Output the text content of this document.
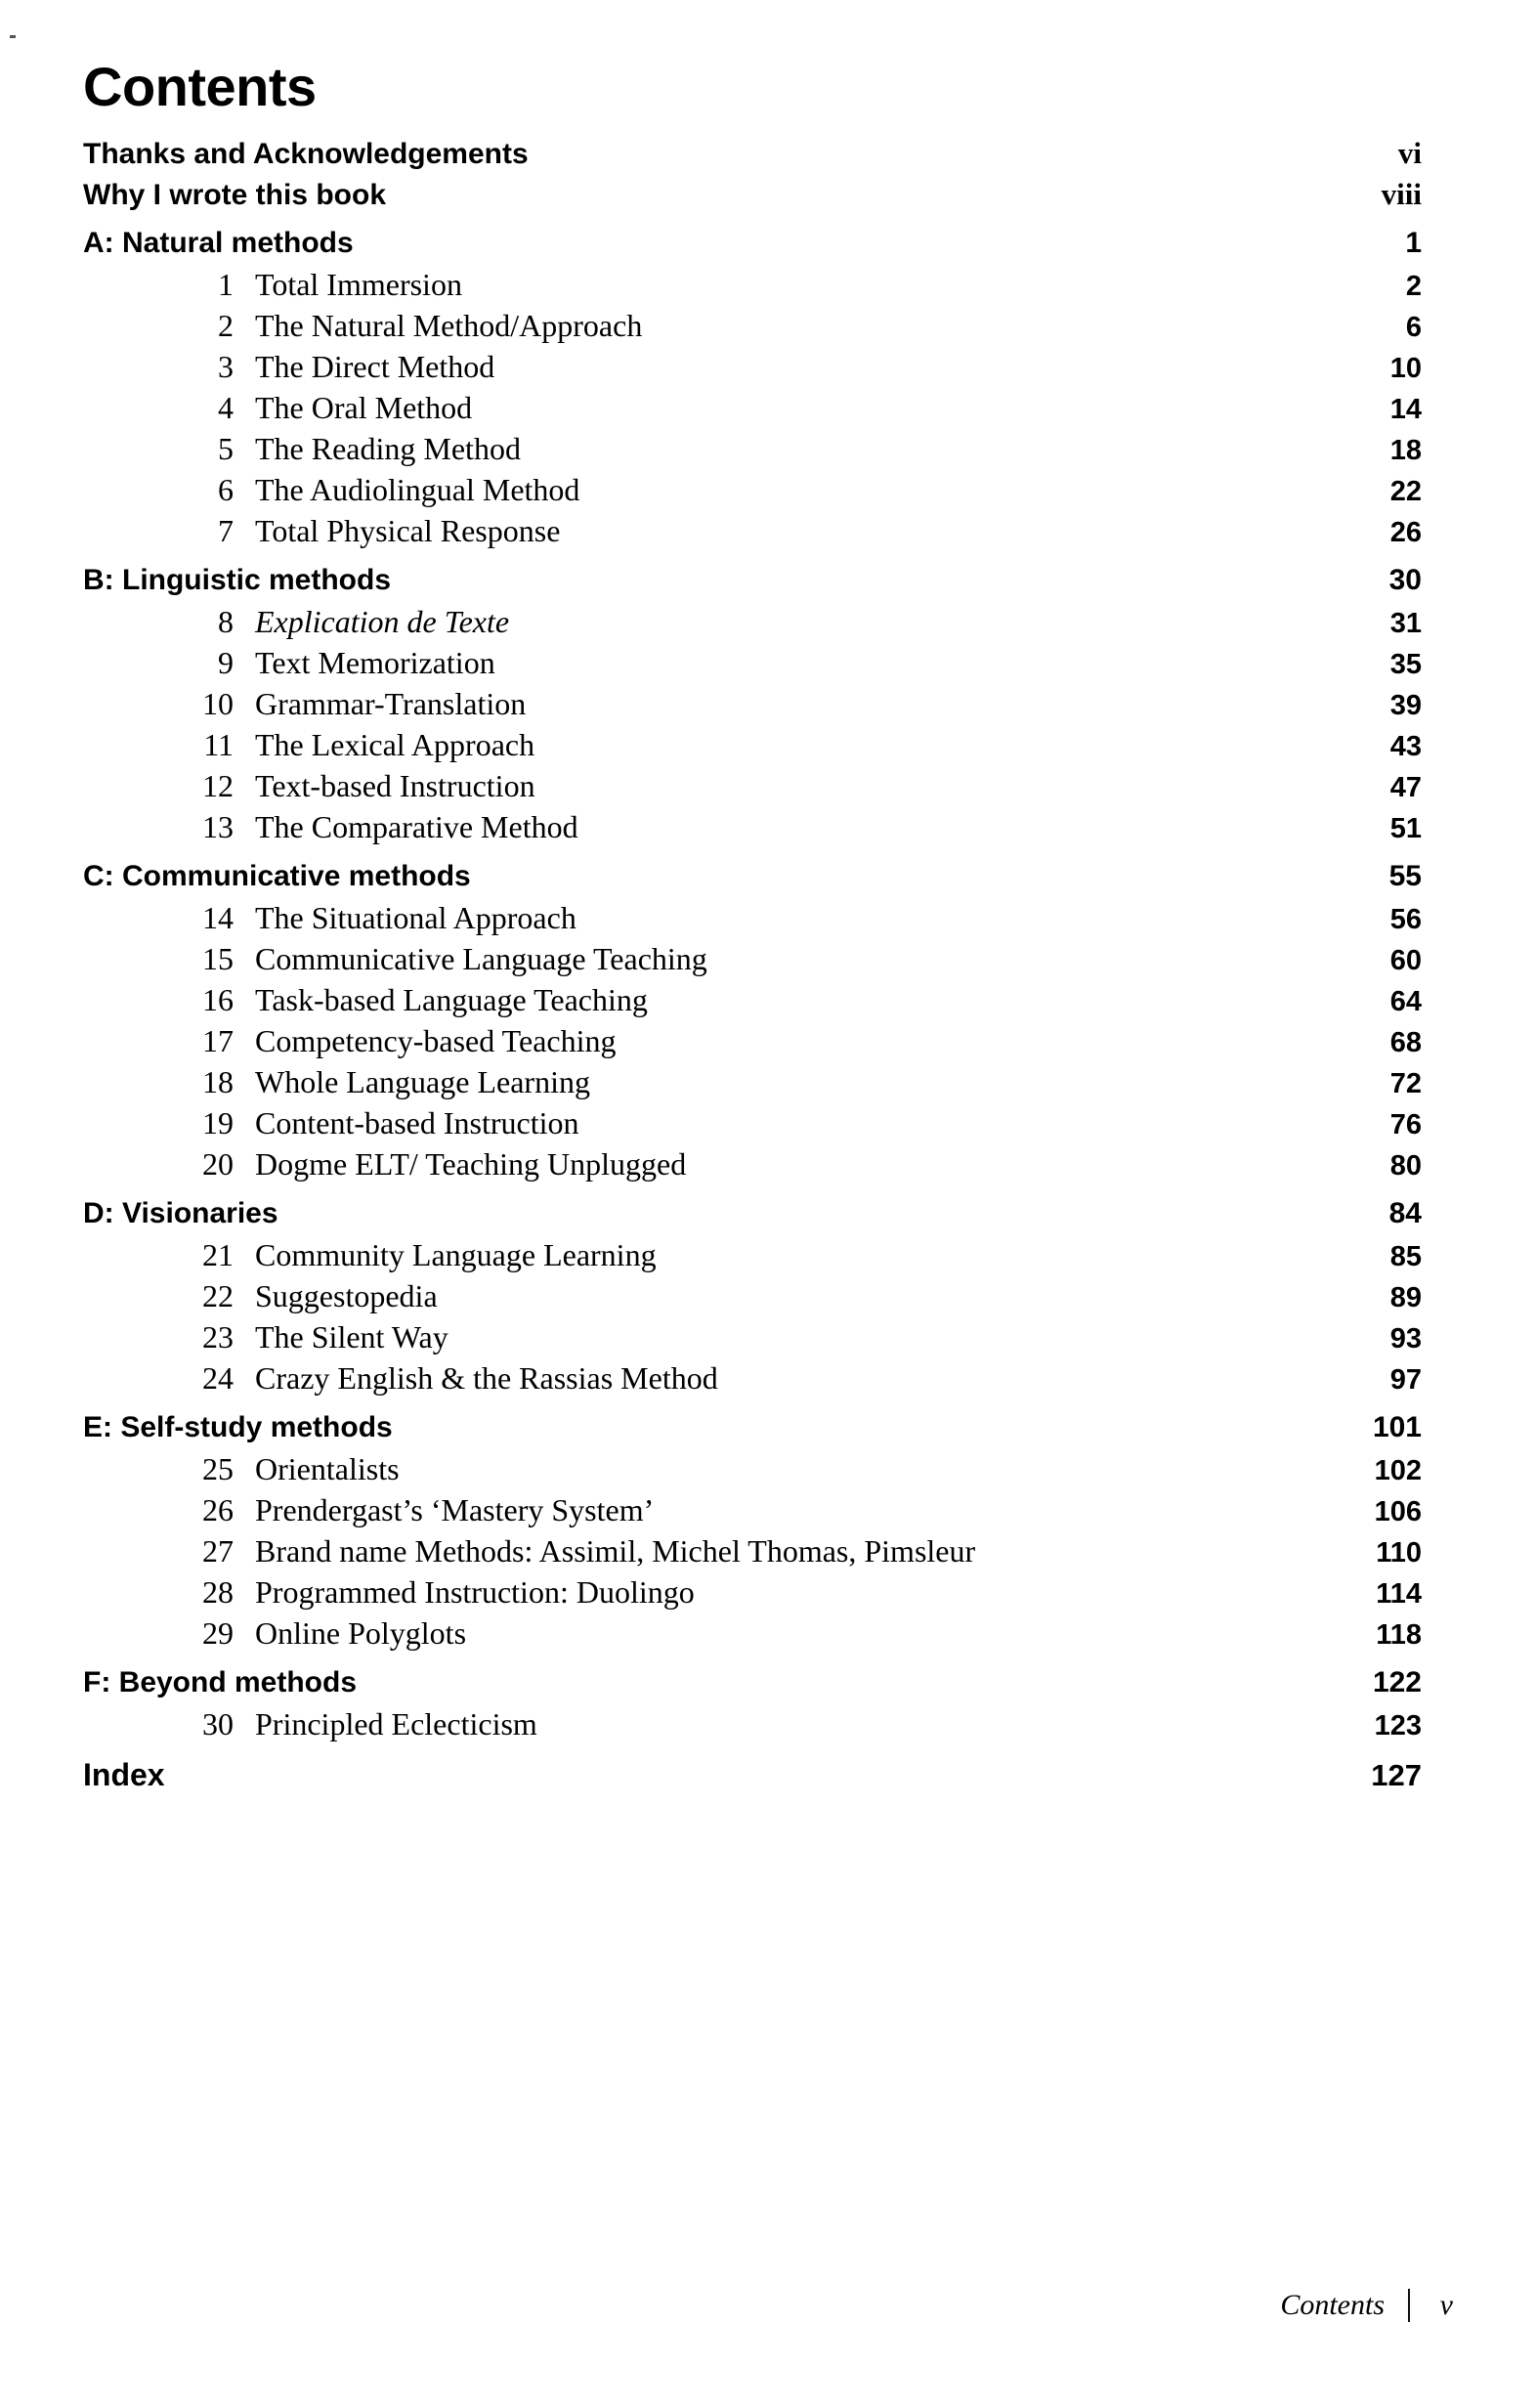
Contents
Thanks and Acknowledgements	vi
Why I wrote this book	viii
A: Natural methods	1
1 Total Immersion	2
2 The Natural Method/Approach	6
3 The Direct Method	10
4 The Oral Method	14
5 The Reading Method	18
6 The Audiolingual Method	22
7 Total Physical Response	26
B: Linguistic methods	30
8 Explication de Texte	31
9 Text Memorization	35
10 Grammar-Translation	39
11 The Lexical Approach	43
12 Text-based Instruction	47
13 The Comparative Method	51
C: Communicative methods	55
14 The Situational Approach	56
15 Communicative Language Teaching	60
16 Task-based Language Teaching	64
17 Competency-based Teaching	68
18 Whole Language Learning	72
19 Content-based Instruction	76
20 Dogme ELT/ Teaching Unplugged	80
D: Visionaries	84
21 Community Language Learning	85
22 Suggestopedia	89
23 The Silent Way	93
24 Crazy English & the Rassias Method	97
E: Self-study methods	101
25 Orientalists	102
26 Prendergast’s ‘Mastery System’	106
27 Brand name Methods: Assimil, Michel Thomas, Pimsleur	110
28 Programmed Instruction: Duolingo	114
29 Online Polyglots	118
F: Beyond methods	122
30 Principled Eclecticism	123
Index	127
Contents	v
